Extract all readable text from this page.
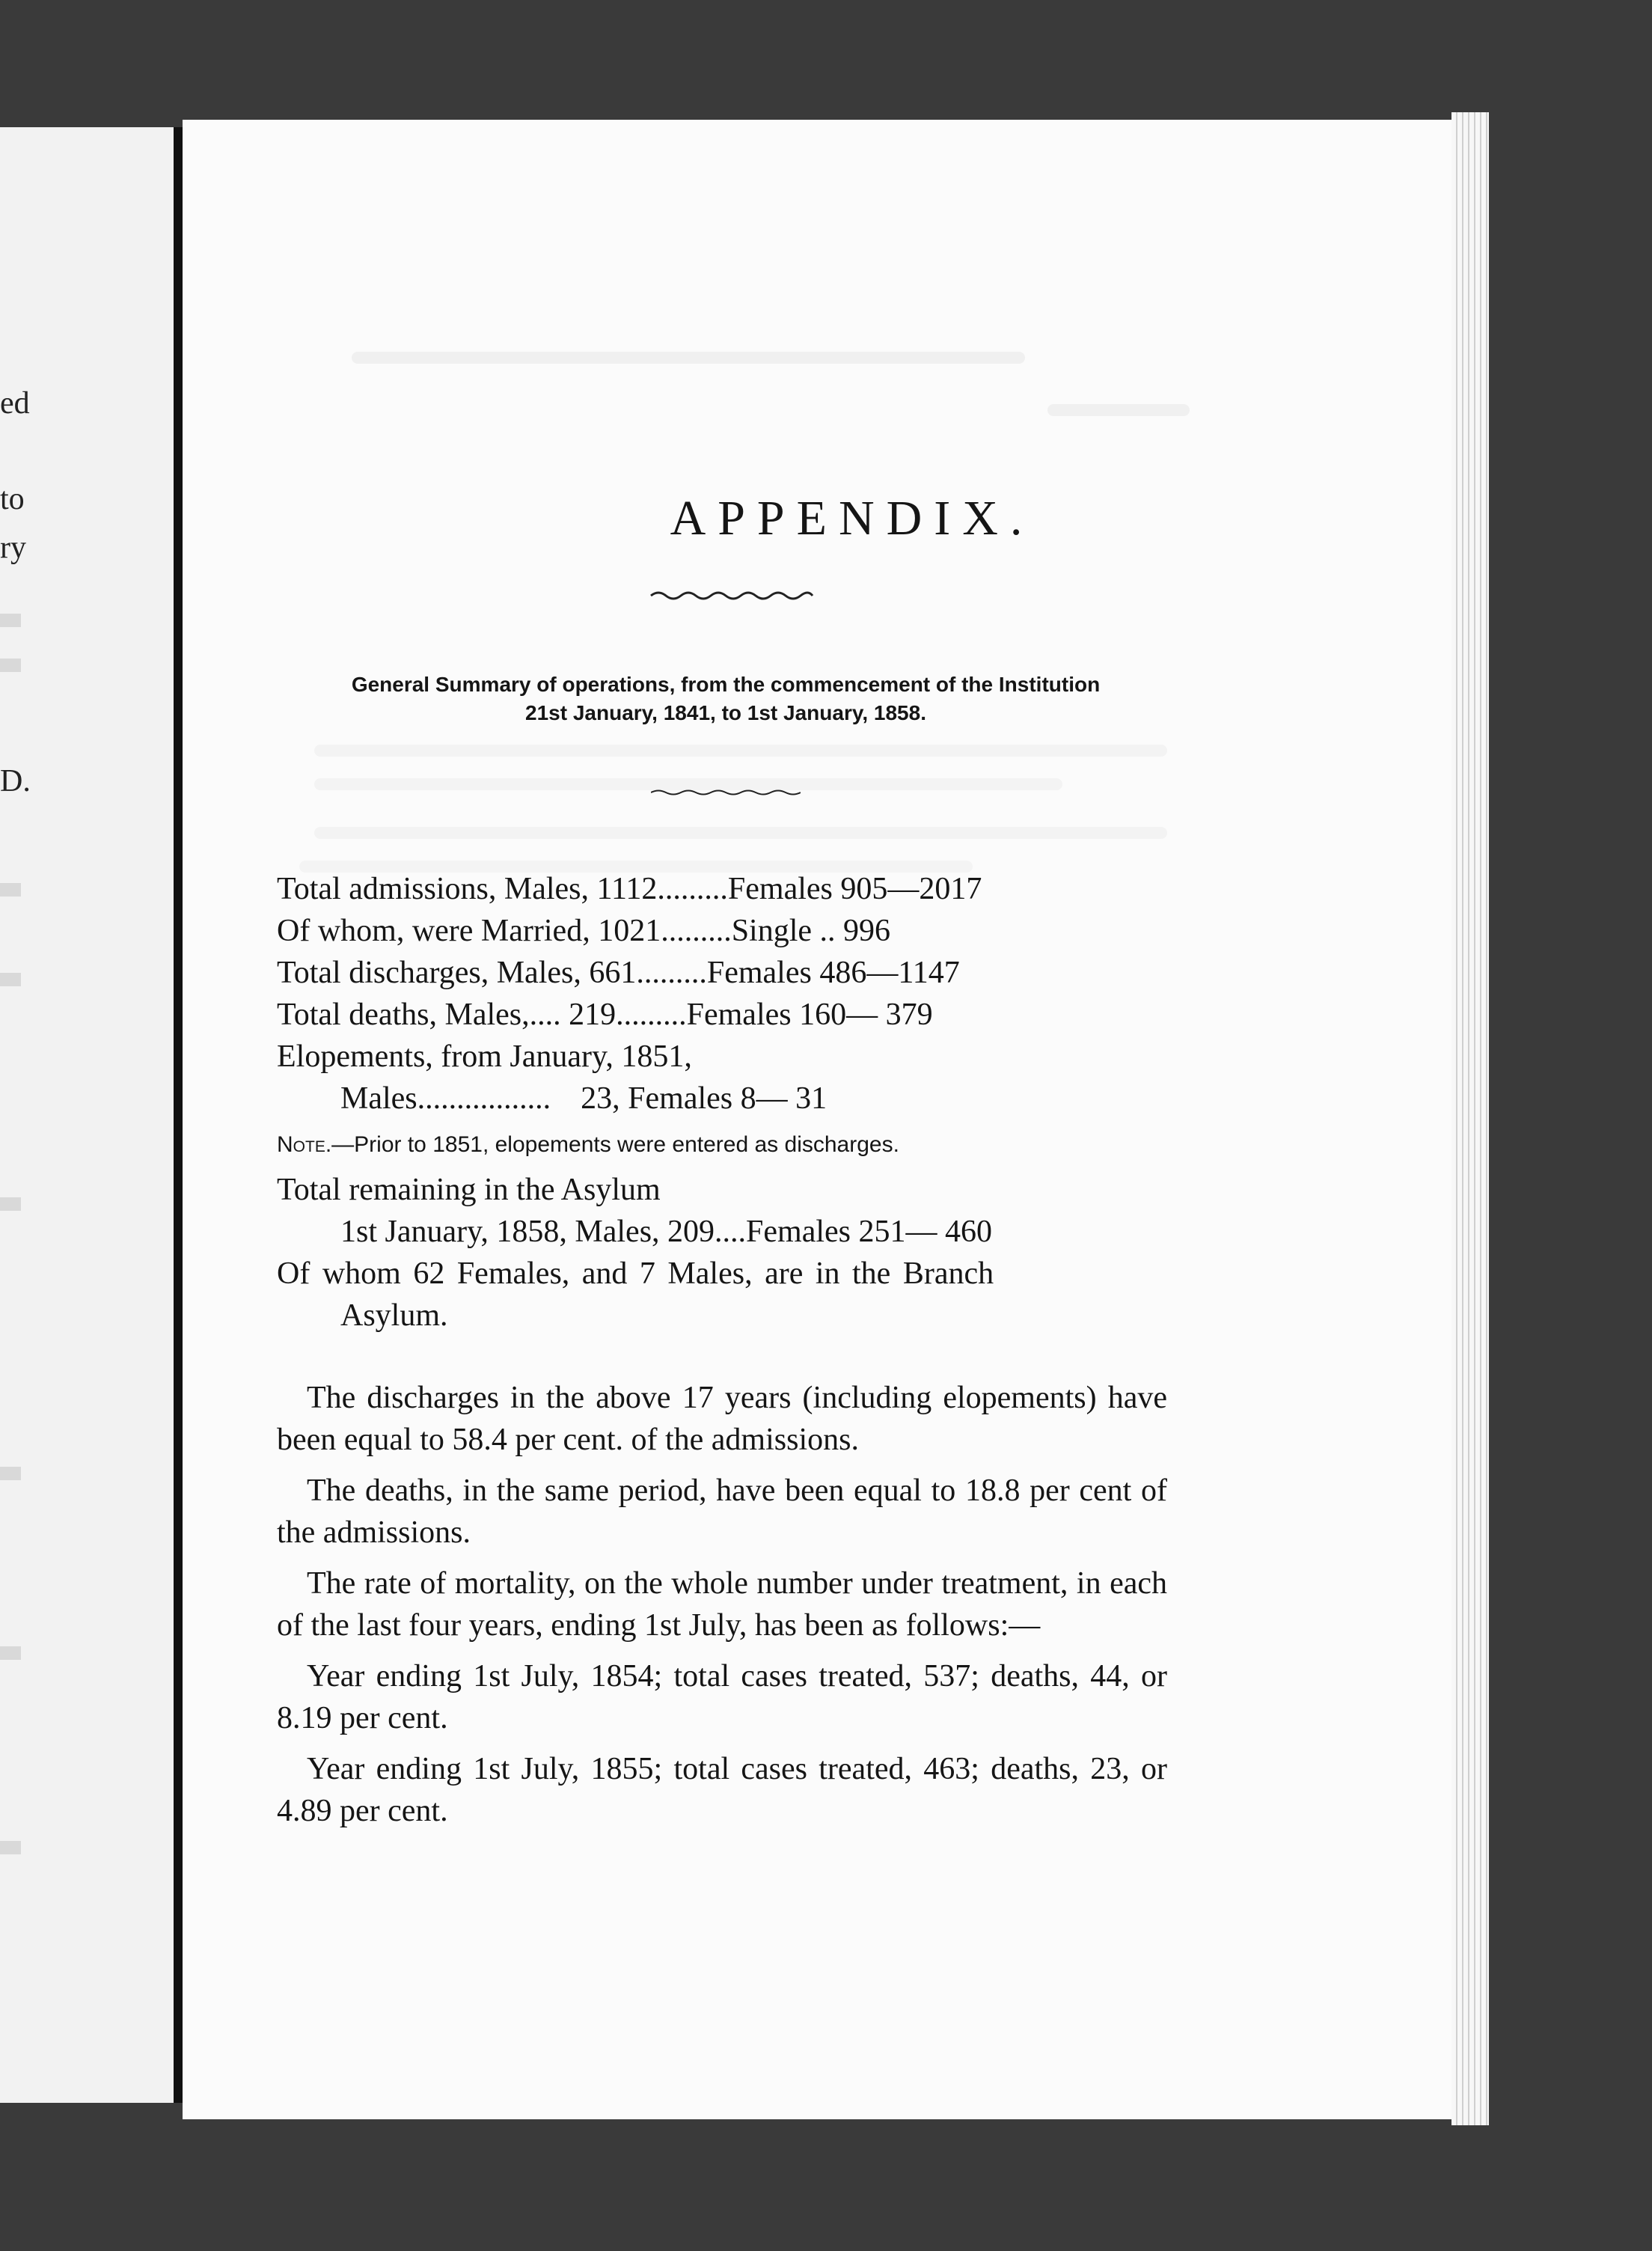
ed
to
ry
D.
APPENDIX.
General Summary of operations, from the commencement of the Institution
21st January, 1841, to 1st January, 1858.
Total admissions, Males, 1112 ......... Females 905—2017
Of whom, were Married, 1021 ......... Single .. 996
Total discharges, Males, 661 ......... Females 486—1147
Total deaths, Males,.... 219 ......... Females 160— 379
Elopements, from January, 1851,
Males ................. 23, Females 8— 31
Note.—Prior to 1851, elopements were entered as discharges.
Total remaining in the Asylum
1st January, 1858, Males, 209....Females 251— 460
Of whom 62 Females, and 7 Males, are in the Branch
Asylum.

The discharges in the above 17 years (including elopements) have been equal to 58.4 per cent. of the admissions.

The deaths, in the same period, have been equal to 18.8 per cent of the admissions.

The rate of mortality, on the whole number under treatment, in each of the last four years, ending 1st July, has been as follows:—

Year ending 1st July, 1854; total cases treated, 537; deaths, 44, or 8.19 per cent.

Year ending 1st July, 1855; total cases treated, 463; deaths, 23, or 4.89 per cent.
